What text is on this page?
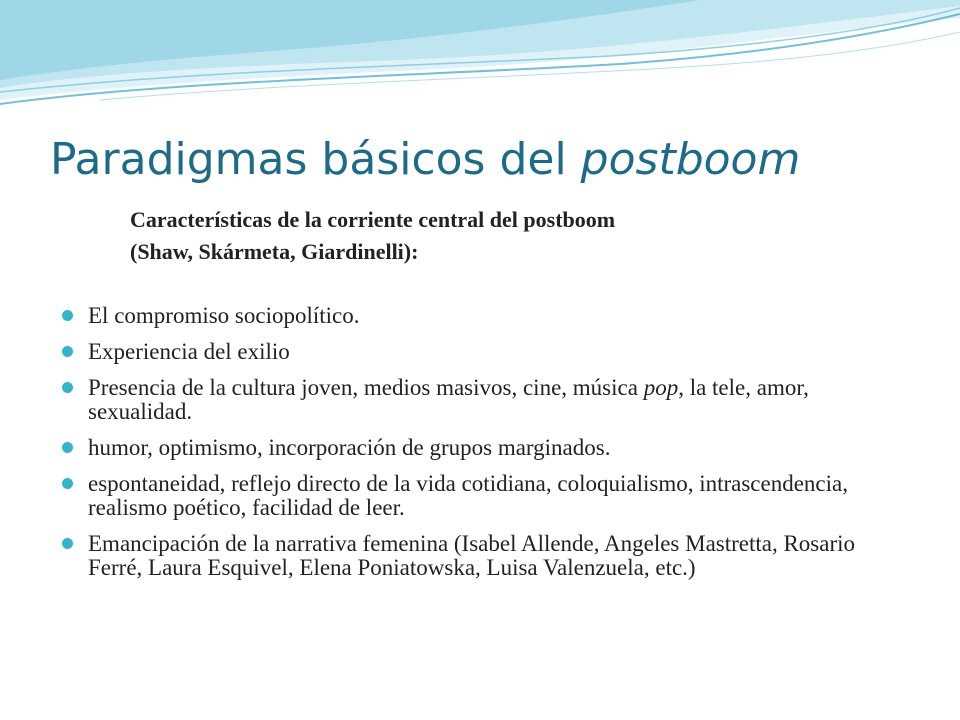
Paradigmas básicos del postboom

Características de la corriente central del postboom
(Shaw, Skármeta, Giardinelli):

El compromiso sociopolítico.
Experiencia del exilio
Presencia de la cultura joven, medios masivos, cine, música pop, la tele, amor, sexualidad.
humor, optimismo, incorporación de grupos marginados.
espontaneidad, reflejo directo de la vida cotidiana, coloquialismo, intrascendencia, realismo poético, facilidad de leer.
Emancipación de la narrativa femenina (Isabel Allende, Angeles Mastretta, Rosario Ferré, Laura Esquivel, Elena Poniatowska, Luisa Valenzuela, etc.)
